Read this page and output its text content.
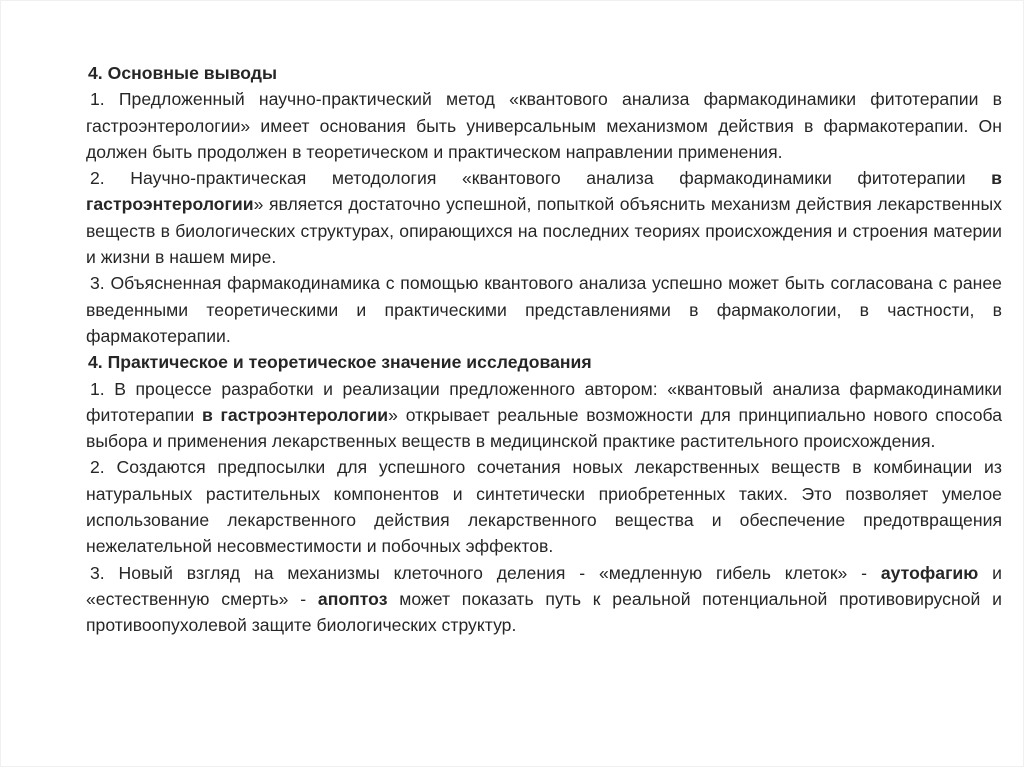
4. Основные выводы

1. Предложенный научно-практический метод «квантового анализа фармакодинамики фитотерапии в гастроэнтерологии» имеет основания быть универсальным механизмом действия в фармакотерапии. Он должен быть продолжен в теоретическом и практическом направлении применения.

2. Научно-практическая методология «квантового анализа фармакодинамики фитотерапии в гастроэнтерологии» является достаточно успешной, попыткой объяснить механизм действия лекарственных веществ в биологических структурах, опирающихся на последних теориях происхождения и строения материи и жизни в нашем мире.

3. Объясненная фармакодинамика с помощью квантового анализа успешно может быть согласована с ранее введенными теоретическими и практическими представлениями в фармакологии, в частности, в фармакотерапии.

4. Практическое и теоретическое значение исследования

1. В процессе разработки и реализации предложенного автором: «квантовый анализа фармакодинамики фитотерапии в гастроэнтерологии» открывает реальные возможности для принципиально нового способа выбора и применения лекарственных веществ в медицинской практике растительного происхождения.

2. Создаются предпосылки для успешного сочетания новых лекарственных веществ в комбинации из натуральных растительных компонентов и синтетически приобретенных таких. Это позволяет умелое использование лекарственного действия лекарственного вещества и обеспечение предотвращения нежелательной несовместимости и побочных эффектов.

3. Новый взгляд на механизмы клеточного деления - «медленную гибель клеток» - аутофагию и «естественную смерть» - апоптоз может показать путь к реальной потенциальной противовирусной и противоопухолевой защите биологических структур.
